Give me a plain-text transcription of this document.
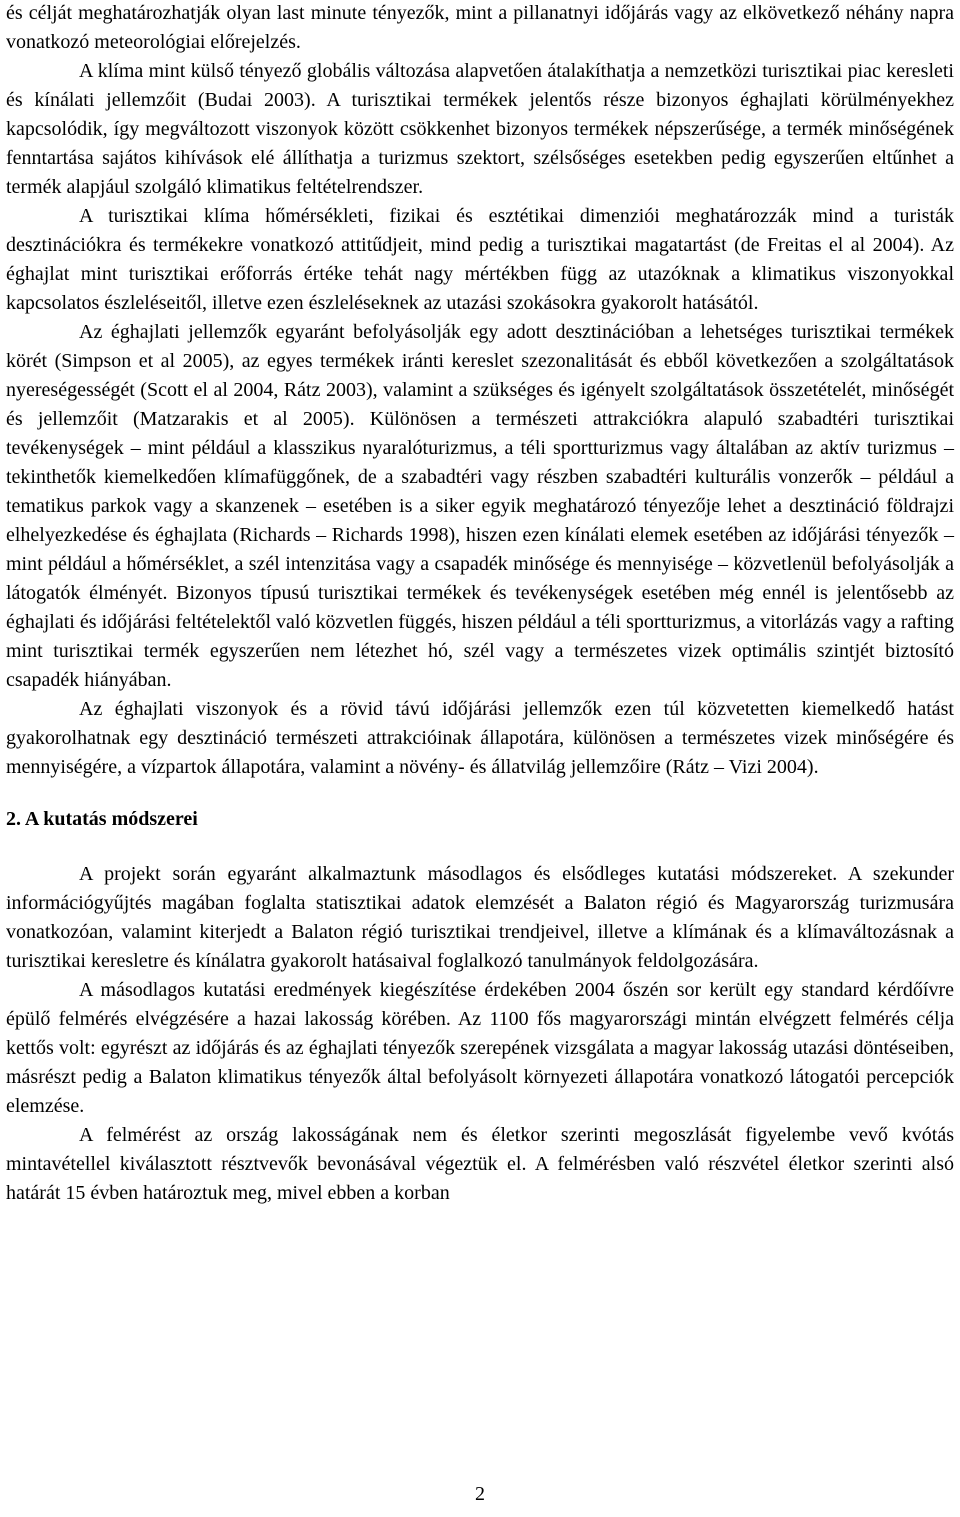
és célját meghatározhatják olyan last minute tényezők, mint a pillanatnyi időjárás vagy az elkövetkező néhány napra vonatkozó meteorológiai előrejelzés.

A klíma mint külső tényező globális változása alapvetően átalakíthatja a nemzetközi turisztikai piac keresleti és kínálati jellemzőit (Budai 2003). A turisztikai termékek jelentős része bizonyos éghajlati körülményekhez kapcsolódik, így megváltozott viszonyok között csökkenhet bizonyos termékek népszerűsége, a termék minőségének fenntartása sajátos kihívások elé állíthatja a turizmus szektort, szélsőséges esetekben pedig egyszerűen eltűnhet a termék alapjául szolgáló klimatikus feltételrendszer.

A turisztikai klíma hőmérsékleti, fizikai és esztétikai dimenziói meghatározzák mind a turisták desztinációkra és termékekre vonatkozó attitűdjeit, mind pedig a turisztikai magatartást (de Freitas el al 2004). Az éghajlat mint turisztikai erőforrás értéke tehát nagy mértékben függ az utazóknak a klimatikus viszonyokkal kapcsolatos észleléseitől, illetve ezen észleléseknek az utazási szokásokra gyakorolt hatásától.

Az éghajlati jellemzők egyaránt befolyásolják egy adott desztinációban a lehetséges turisztikai termékek körét (Simpson et al 2005), az egyes termékek iránti kereslet szezonalitását és ebből következően a szolgáltatások nyereségességét (Scott el al 2004, Rátz 2003), valamint a szükséges és igényelt szolgáltatások összetételét, minőségét és jellemzőit (Matzarakis et al 2005). Különösen a természeti attrakciókra alapuló szabadtéri turisztikai tevékenységek – mint például a klasszikus nyaralóturizmus, a téli sportturizmus vagy általában az aktív turizmus – tekinthetők kiemelkedően klímafüggőnek, de a szabadtéri vagy részben szabadtéri kulturális vonzerők – például a tematikus parkok vagy a skanzenek – esetében is a siker egyik meghatározó tényezője lehet a desztináció földrajzi elhelyezkedése és éghajlata (Richards – Richards 1998), hiszen ezen kínálati elemek esetében az időjárási tényezők – mint például a hőmérséklet, a szél intenzitása vagy a csapadék minősége és mennyisége – közvetlenül befolyásolják a látogatók élményét. Bizonyos típusú turisztikai termékek és tevékenységek esetében még ennél is jelentősebb az éghajlati és időjárási feltételektől való közvetlen függés, hiszen például a téli sportturizmus, a vitorlázás vagy a rafting mint turisztikai termék egyszerűen nem létezhet hó, szél vagy a természetes vizek optimális szintjét biztosító csapadék hiányában.

Az éghajlati viszonyok és a rövid távú időjárási jellemzők ezen túl közvetetten kiemelkedő hatást gyakorolhatnak egy desztináció természeti attrakcióinak állapotára, különösen a természetes vizek minőségére és mennyiségére, a vízpartok állapotára, valamint a növény- és állatvilág jellemzőire (Rátz – Vizi 2004).

2. A kutatás módszerei

A projekt során egyaránt alkalmaztunk másodlagos és elsődleges kutatási módszereket. A szekunder információgyűjtés magában foglalta statisztikai adatok elemzését a Balaton régió és Magyarország turizmusára vonatkozóan, valamint kiterjedt a Balaton régió turisztikai trendjeivel, illetve a klímának és a klímaváltozásnak a turisztikai keresletre és kínálatra gyakorolt hatásaival foglalkozó tanulmányok feldolgozására.

A másodlagos kutatási eredmények kiegészítése érdekében 2004 őszén sor került egy standard kérdőívre épülő felmérés elvégzésére a hazai lakosság körében. Az 1100 fős magyarországi mintán elvégzett felmérés célja kettős volt: egyrészt az időjárás és az éghajlati tényezők szerepének vizsgálata a magyar lakosság utazási döntéseiben, másrészt pedig a Balaton klimatikus tényezők által befolyásolt környezeti állapotára vonatkozó látogatói percepciók elemzése.

A felmérést az ország lakosságának nem és életkor szerinti megoszlását figyelembe vevő kvótás mintavétellel kiválasztott résztvevők bevonásával végeztük el. A felmérésben való részvétel életkor szerinti alsó határát 15 évben határoztuk meg, mivel ebben a korban

2
